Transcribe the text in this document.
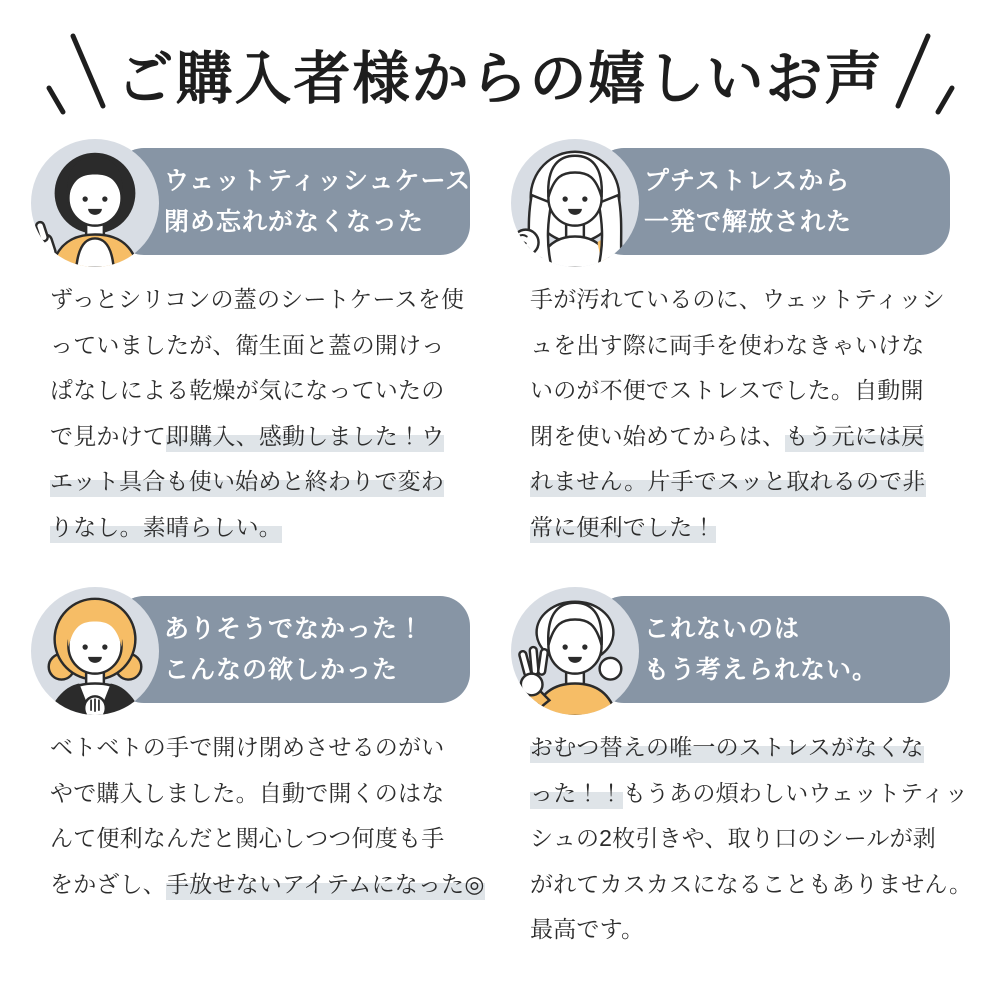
ご購入者様からの嬉しいお声
ウェットティッシュケース
閉め忘れがなくなった
ずっとシリコンの蓋のシートケースを使
っていましたが、衛生面と蓋の開けっ
ぱなしによる乾燥が気になっていたの
で見かけて即購入、感動しました！ウ
エット具合も使い始めと終わりで変わ
りなし。素晴らしい。
プチストレスから
一発で解放された
手が汚れているのに、ウェットティッシ
ュを出す際に両手を使わなきゃいけな
いのが不便でストレスでした。自動開
閉を使い始めてからは、もう元には戻
れません。片手でスッと取れるので非
常に便利でした！
ありそうでなかった！
こんなの欲しかった
ベトベトの手で開け閉めさせるのがい
やで購入しました。自動で開くのはな
んて便利なんだと関心しつつ何度も手
をかざし、手放せないアイテムになった◎
これないのは
もう考えられない。
おむつ替えの唯一のストレスがなくな
った！！もうあの煩わしいウェットティッ
シュの2枚引きや、取り口のシールが剥
がれてカスカスになることもありません。
最高です。
